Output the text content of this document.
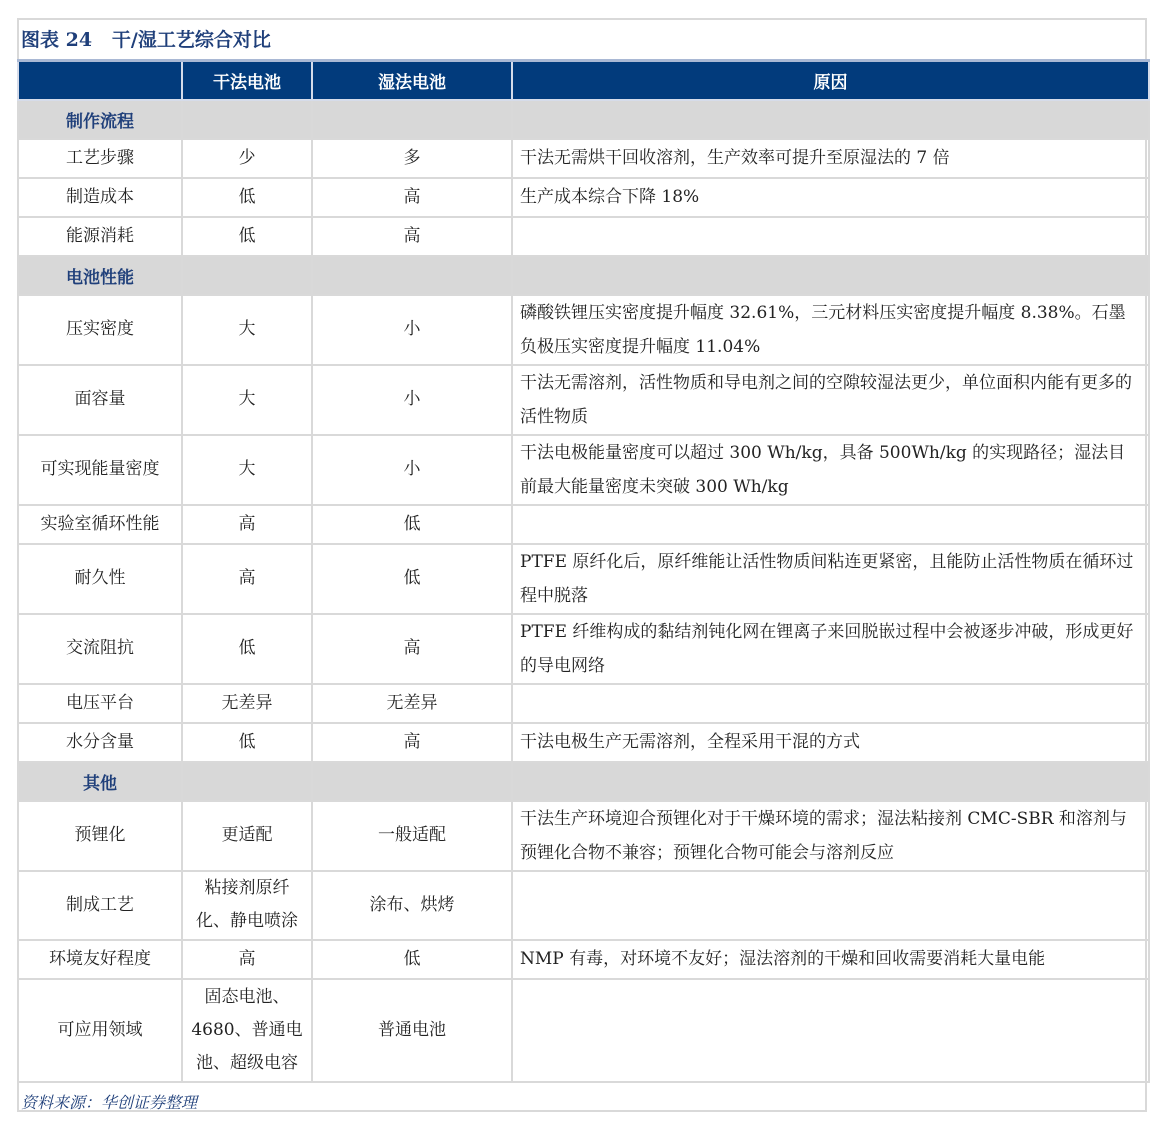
图表 24   干/湿工艺综合对比
	干法电池	湿法电池	原因
制作流程			
工艺步骤	少	多	干法无需烘干回收溶剂，生产效率可提升至原湿法的 7 倍
制造成本	低	高	生产成本综合下降 18%
能源消耗	低	高	
电池性能			
压实密度	大	小	磷酸铁锂压实密度提升幅度 32.61%，三元材料压实密度提升幅度 8.38%。石墨负极压实密度提升幅度 11.04%
面容量	大	小	干法无需溶剂，活性物质和导电剂之间的空隙较湿法更少，单位面积内能有更多的活性物质
可实现能量密度	大	小	干法电极能量密度可以超过 300 Wh/kg，具备 500Wh/kg 的实现路径；湿法目前最大能量密度未突破 300 Wh/kg
实验室循环性能	高	低	
耐久性	高	低	PTFE 原纤化后，原纤维能让活性物质间粘连更紧密，且能防止活性物质在循环过程中脱落
交流阻抗	低	高	PTFE 纤维构成的黏结剂钝化网在锂离子来回脱嵌过程中会被逐步冲破，形成更好的导电网络
电压平台	无差异	无差异	
水分含量	低	高	干法电极生产无需溶剂，全程采用干混的方式
其他			
预锂化	更适配	一般适配	干法生产环境迎合预锂化对于干燥环境的需求；湿法粘接剂 CMC-SBR 和溶剂与预锂化合物不兼容；预锂化合物可能会与溶剂反应
制成工艺	粘接剂原纤化、静电喷涂	涂布、烘烤	
环境友好程度	高	低	NMP 有毒，对环境不友好；湿法溶剂的干燥和回收需要消耗大量电能
可应用领域	固态电池、4680、普通电池、超级电容	普通电池	
资料来源：华创证券整理			
